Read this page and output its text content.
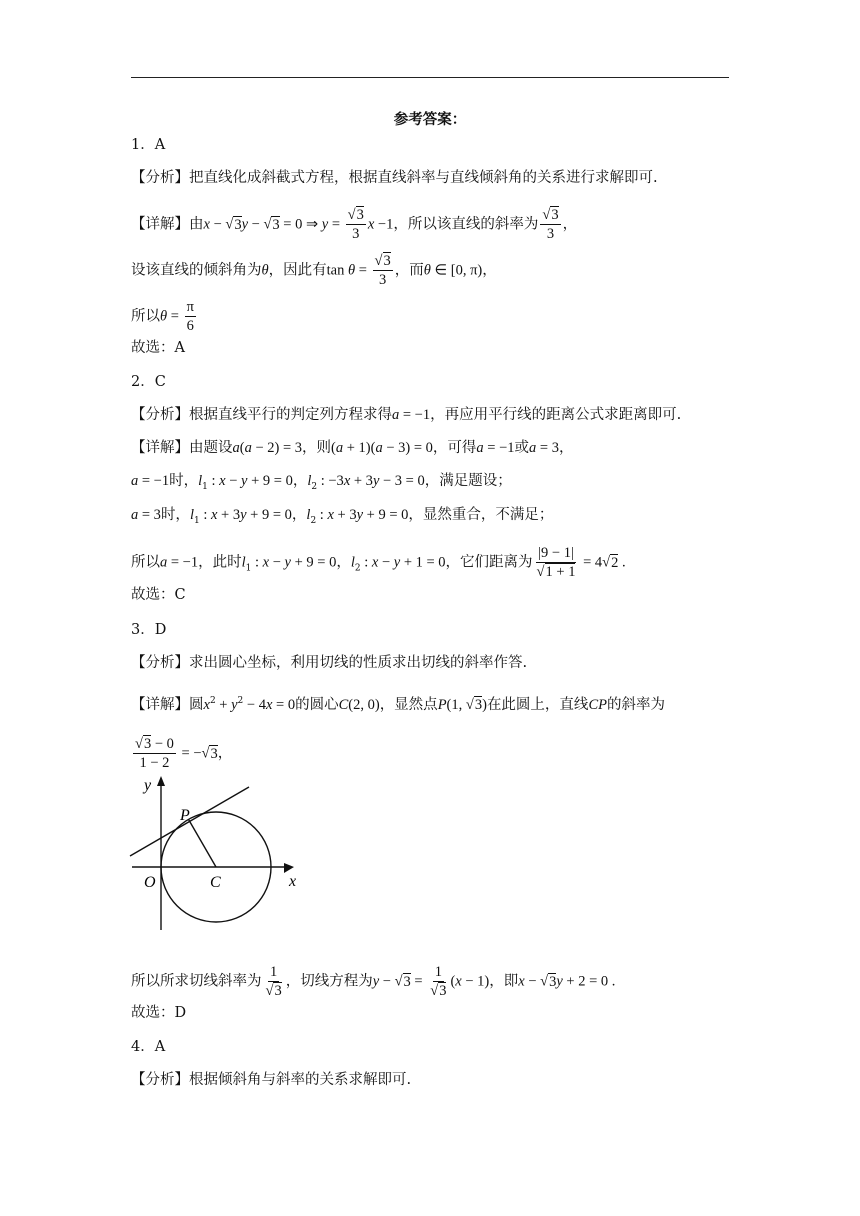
参考答案：
1．A
【分析】把直线化成斜截式方程，根据直线斜率与直线倾斜角的关系进行求解即可.
【详解】由x − √3y − √3 = 0 ⇒ $y = \frac{√3}{3}$ x −1，所以该直线的斜率为 $\frac{√3}{3}$ ，
设该直线的倾斜角为θ，因此有$\tan \theta = \frac{√3}{3}$ ，而θ ∈ [0, π)，
所以$\theta = \frac{\pi}{6}$
故选：A
2．C
【分析】根据直线平行的判定列方程求得a = −1，再应用平行线的距离公式求距离即可.
【详解】由题设a(a − 2) = 3，则(a + 1)(a − 3) = 0，可得a = −1或a = 3，
a = −1时，$l_1$ : x − y + 9 = 0，$l_2$ : −3x + 3y − 3 = 0，满足题设；
a = 3时，$l_1$ : x + 3y + 9 = 0，$l_2$ : x + 3y + 9 = 0，显然重合，不满足；
所以a = −1，此时$l_1$ : x − y + 9 = 0，$l_2$ : x − y + 1 = 0，它们距离为 $\frac{|9 - 1|}{√1 + 1} = 4√2$ .
故选：C
3．D
【分析】求出圆心坐标，利用切线的性质求出切线的斜率作答.
【详解】圆$x^2 + y^2 - 4x = 0$的圆心C(2, 0)，显然点P(1, √3)在此圆上，直线CP的斜率为
$\frac{√3 - 0}{1 - 2} = -√3$，
y
x
O
P
C
所以所求切线斜率为 $\frac{1}{√3}$ ，切线方程为$y - √3 = \frac{1}{√3} (x - 1)$，即x − √3y + 2 = 0 .
故选：D
4．A
【分析】根据倾斜角与斜率的关系求解即可.
